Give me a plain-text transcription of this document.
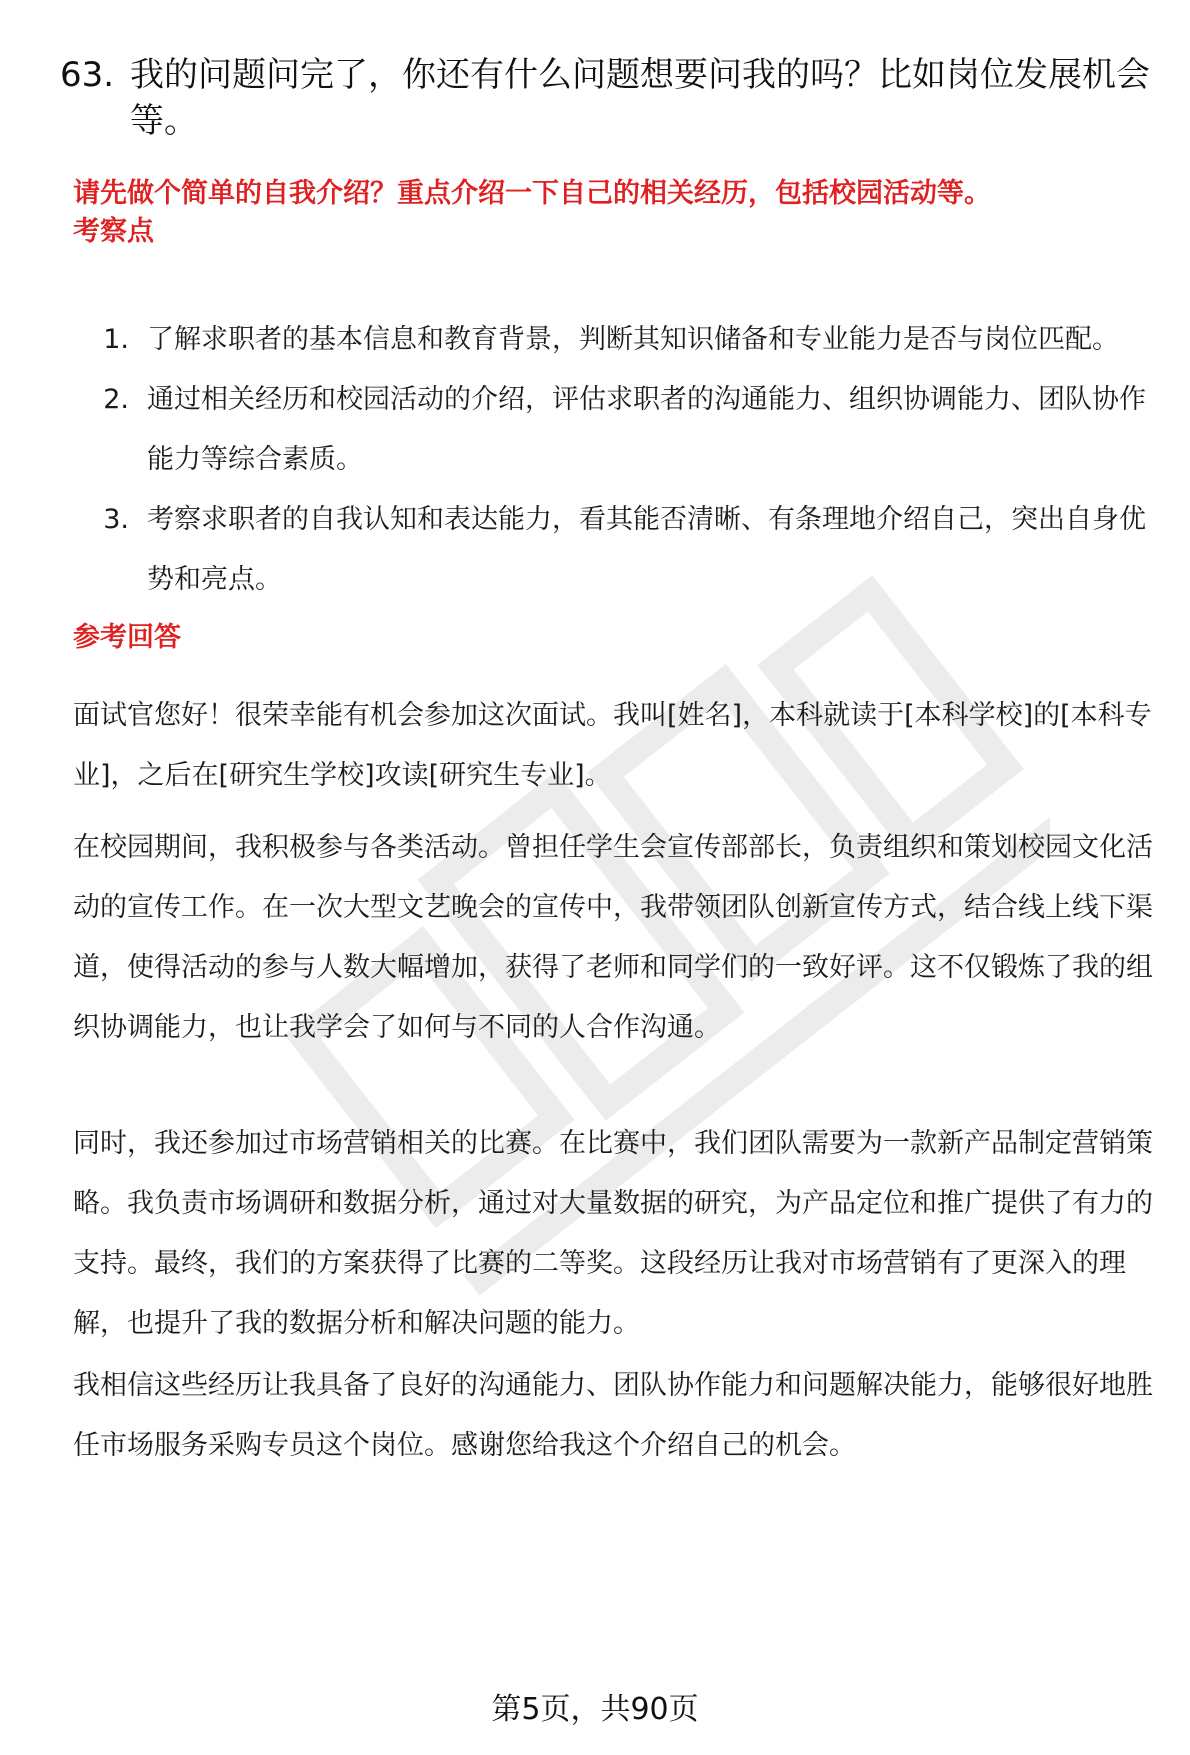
63. 我的问题问完了，你还有什么问题想要问我的吗？比如岗位发展机会等。
请先做个简单的自我介绍？重点介绍一下自己的相关经历，包括校园活动等。
考察点
1. 了解求职者的基本信息和教育背景，判断其知识储备和专业能力是否与岗位匹配。
2. 通过相关经历和校园活动的介绍，评估求职者的沟通能力、组织协调能力、团队协作能力等综合素质。
3. 考察求职者的自我认知和表达能力，看其能否清晰、有条理地介绍自己，突出自身优势和亮点。
参考回答

面试官您好！很荣幸能有机会参加这次面试。我叫[姓名]，本科就读于[本科学校]的[本科专业]，之后在[研究生学校]攻读[研究生专业]。

在校园期间，我积极参与各类活动。曾担任学生会宣传部部长，负责组织和策划校园文化活动的宣传工作。在一次大型文艺晚会的宣传中，我带领团队创新宣传方式，结合线上线下渠道，使得活动的参与人数大幅增加，获得了老师和同学们的一致好评。这不仅锻炼了我的组织协调能力，也让我学会了如何与不同的人合作沟通。

同时，我还参加过市场营销相关的比赛。在比赛中，我们团队需要为一款新产品制定营销策略。我负责市场调研和数据分析，通过对大量数据的研究，为产品定位和推广提供了有力的支持。最终，我们的方案获得了比赛的二等奖。这段经历让我对市场营销有了更深入的理解，也提升了我的数据分析和解决问题的能力。

我相信这些经历让我具备了良好的沟通能力、团队协作能力和问题解决能力，能够很好地胜任市场服务采购专员这个岗位。感谢您给我这个介绍自己的机会。

第5页，共90页
